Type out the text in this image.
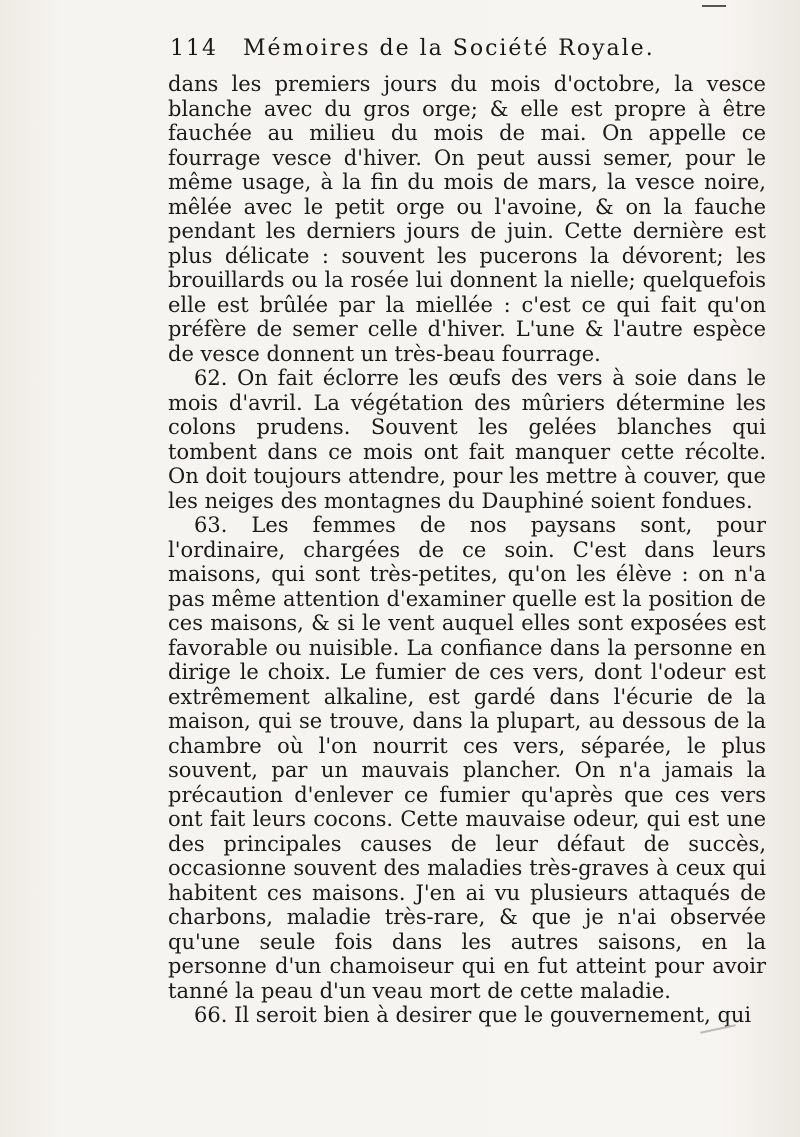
114 Mémoires de la Société Royale.

dans les premiers jours du mois d'octobre, la vesce blanche avec du gros orge; & elle est propre à être fauchée au milieu du mois de mai. On appelle ce fourrage vesce d'hiver. On peut aussi semer, pour le même usage, à la fin du mois de mars, la vesce noire, mêlée avec le petit orge ou l'avoine, & on la fauche pendant les derniers jours de juin. Cette dernière est plus délicate : souvent les pucerons la dévorent; les brouillards ou la rosée lui donnent la nielle; quelquefois elle est brûlée par la miellée : c'est ce qui fait qu'on préfère de semer celle d'hiver. L'une & l'autre espèce de vesce donnent un très-beau fourrage.

62. On fait éclorre les œufs des vers à soie dans le mois d'avril. La végétation des mûriers détermine les colons prudens. Souvent les gelées blanches qui tombent dans ce mois ont fait manquer cette récolte. On doit toujours attendre, pour les mettre à couver, que les neiges des montagnes du Dauphiné soient fondues.

63. Les femmes de nos paysans sont, pour l'ordinaire, chargées de ce soin. C'est dans leurs maisons, qui sont très-petites, qu'on les élève : on n'a pas même attention d'examiner quelle est la position de ces maisons, & si le vent auquel elles sont exposées est favorable ou nuisible. La confiance dans la personne en dirige le choix. Le fumier de ces vers, dont l'odeur est extrêmement alkaline, est gardé dans l'écurie de la maison, qui se trouve, dans la plupart, au dessous de la chambre où l'on nourrit ces vers, séparée, le plus souvent, par un mauvais plancher. On n'a jamais la précaution d'enlever ce fumier qu'après que ces vers ont fait leurs cocons. Cette mauvaise odeur, qui est une des principales causes de leur défaut de succès, occasionne souvent des maladies très-graves à ceux qui habitent ces maisons. J'en ai vu plusieurs attaqués de charbons, maladie très-rare, & que je n'ai observée qu'une seule fois dans les autres saisons, en la personne d'un chamoiseur qui en fut atteint pour avoir tanné la peau d'un veau mort de cette maladie.

66. Il seroit bien à desirer que le gouvernement, qui
